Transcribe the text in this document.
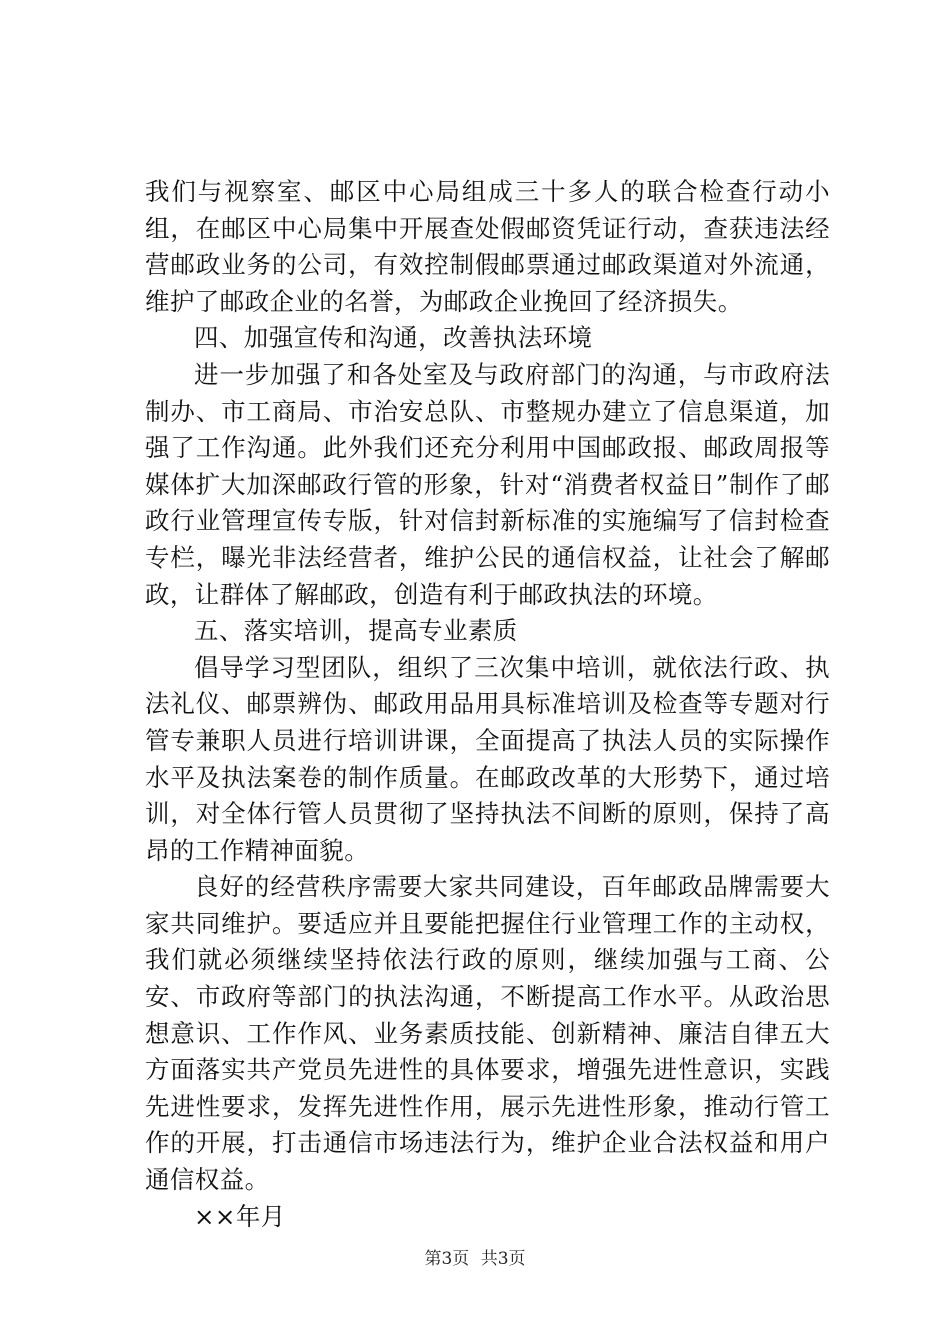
我们与视察室、邮区中心局组成三十多人的联合检查行动小组，在邮区中心局集中开展查处假邮资凭证行动，查获违法经营邮政业务的公司，有效控制假邮票通过邮政渠道对外流通，维护了邮政企业的名誉，为邮政企业挽回了经济损失。

四、加强宣传和沟通，改善执法环境

进一步加强了和各处室及与政府部门的沟通，与市政府法制办、市工商局、市治安总队、市整规办建立了信息渠道，加强了工作沟通。此外我们还充分利用中国邮政报、邮政周报等媒体扩大加深邮政行管的形象，针对“消费者权益日”制作了邮政行业管理宣传专版，针对信封新标准的实施编写了信封检查专栏，曝光非法经营者，维护公民的通信权益，让社会了解邮政，让群体了解邮政，创造有利于邮政执法的环境。

五、落实培训，提高专业素质

倡导学习型团队，组织了三次集中培训，就依法行政、执法礼仪、邮票辨伪、邮政用品用具标准培训及检查等专题对行管专兼职人员进行培训讲课，全面提高了执法人员的实际操作水平及执法案卷的制作质量。在邮政改革的大形势下，通过培训，对全体行管人员贯彻了坚持执法不间断的原则，保持了高昂的工作精神面貌。

良好的经营秩序需要大家共同建设，百年邮政品牌需要大家共同维护。要适应并且要能把握住行业管理工作的主动权，我们就必须继续坚持依法行政的原则，继续加强与工商、公安、市政府等部门的执法沟通，不断提高工作水平。从政治思想意识、工作作风、业务素质技能、创新精神、廉洁自律五大方面落实共产党员先进性的具体要求，增强先进性意识，实践先进性要求，发挥先进性作用，展示先进性形象，推动行管工作的开展，打击通信市场违法行为，维护企业合法权益和用户通信权益。

××年月

第3页 共3页
